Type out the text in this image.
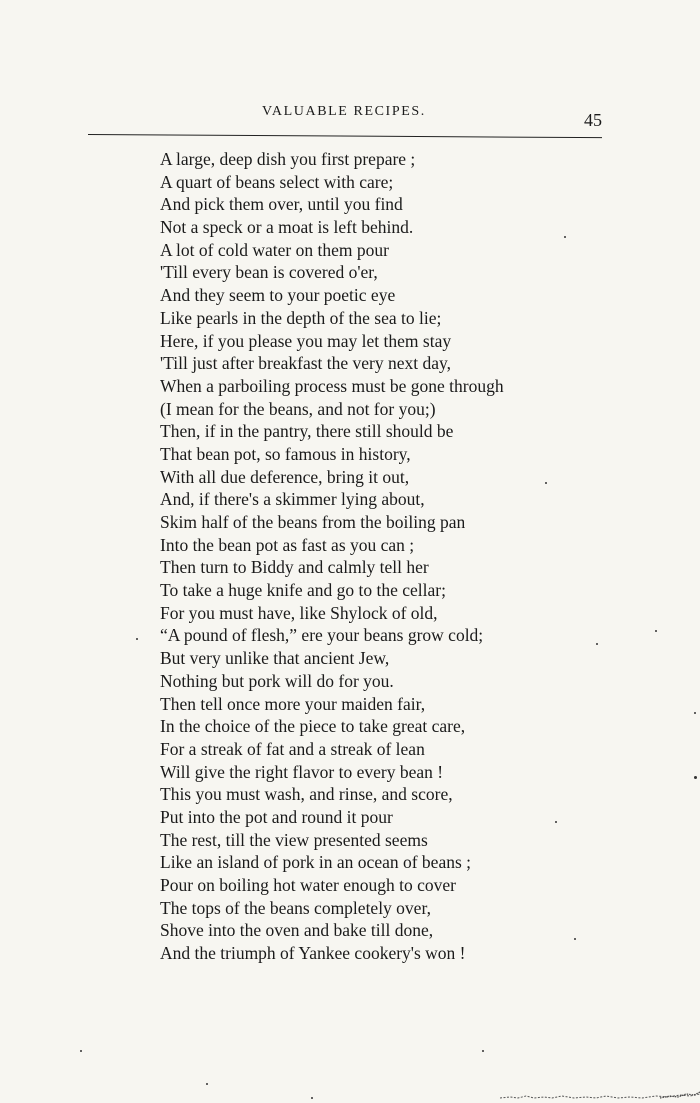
VALUABLE RECIPES.	45
A large, deep dish you first prepare ;
A quart of beans select with care;
And pick them over, until you find
Not a speck or a moat is left behind.
A lot of cold water on them pour
'Till every bean is covered o'er,
And they seem to your poetic eye
Like pearls in the depth of the sea to lie;
Here, if you please you may let them stay
'Till just after breakfast the very next day,
When a parboiling process must be gone through
(I mean for the beans, and not for you;)
Then, if in the pantry, there still should be
That bean pot, so famous in history,
With all due deference, bring it out,
And, if there's a skimmer lying about,
Skim half of the beans from the boiling pan
Into the bean pot as fast as you can ;
Then turn to Biddy and calmly tell her
To take a huge knife and go to the cellar;
For you must have, like Shylock of old,
“A pound of flesh,” ere your beans grow cold;
But very unlike that ancient Jew,
Nothing but pork will do for you.
Then tell once more your maiden fair,
In the choice of the piece to take great care,
For a streak of fat and a streak of lean
Will give the right flavor to every bean !
This you must wash, and rinse, and score,
Put into the pot and round it pour
The rest, till the view presented seems
Like an island of pork in an ocean of beans ;
Pour on boiling hot water enough to cover
The tops of the beans completely over,
Shove into the oven and bake till done,
And the triumph of Yankee cookery's won !
